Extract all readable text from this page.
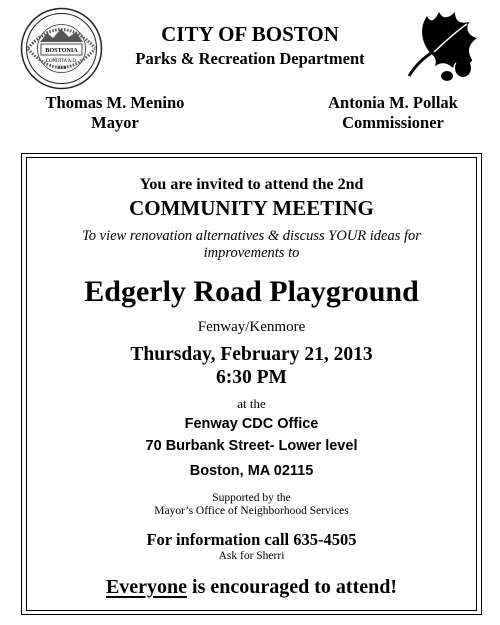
BOSTONIA
CONDITA A.D.
1630
CITY OF BOSTON
Parks & Recreation Department
Thomas M. Menino
Mayor
Antonia M. Pollak
Commissioner
You are invited to attend the 2nd
COMMUNITY MEETING
To view renovation alternatives & discuss YOUR ideas for
improvements to
Edgerly Road Playground
Fenway/Kenmore
Thursday, February 21, 2013
6:30 PM
at the
Fenway CDC Office
70 Burbank Street- Lower level
Boston, MA 02115
Supported by the
Mayor’s Office of Neighborhood Services
For information call 635-4505
Ask for Sherri
Everyone is encouraged to attend!
